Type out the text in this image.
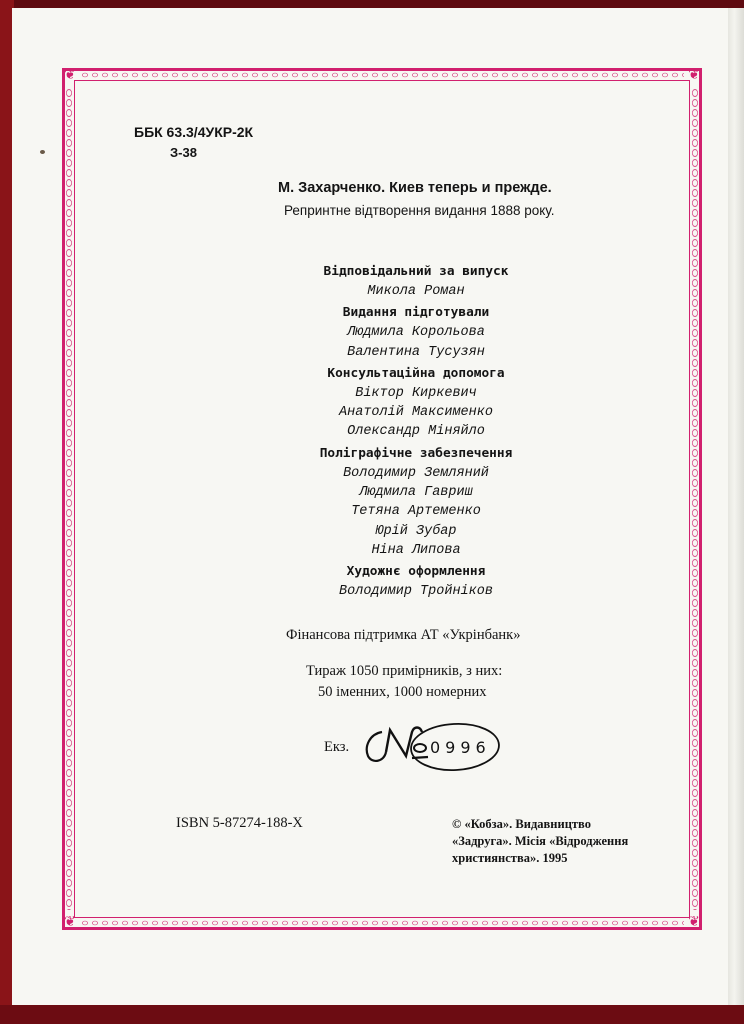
❦	❦
❦	❦
ББК 63.3/4УКР-2К
З-38
М. Захарченко. Киев теперь и прежде.
Репринтне відтворення видання 1888 року.
Відповідальний за випуск
Микола Роман
Видання підготували
Людмила Корольова
Валентина Тусузян
Консультаційна допомога
Віктор Киркевич
Анатолій Максименко
Олександр Міняйло
Поліграфічне забезпечення
Володимир Земляний
Людмила Гавриш
Тетяна Артеменко
Юрій Зубар
Ніна Липова
Художнє оформлення
Володимир Тройніков
Фінансова підтримка АТ «Укрінбанк»
Тираж 1050 примірників, з них:
50 іменних, 1000 номерних
Екз.	0996
ISBN 5-87274-188-X	© «Кобза». Видавництво
«Задруга». Місія «Відродження
християнства». 1995
